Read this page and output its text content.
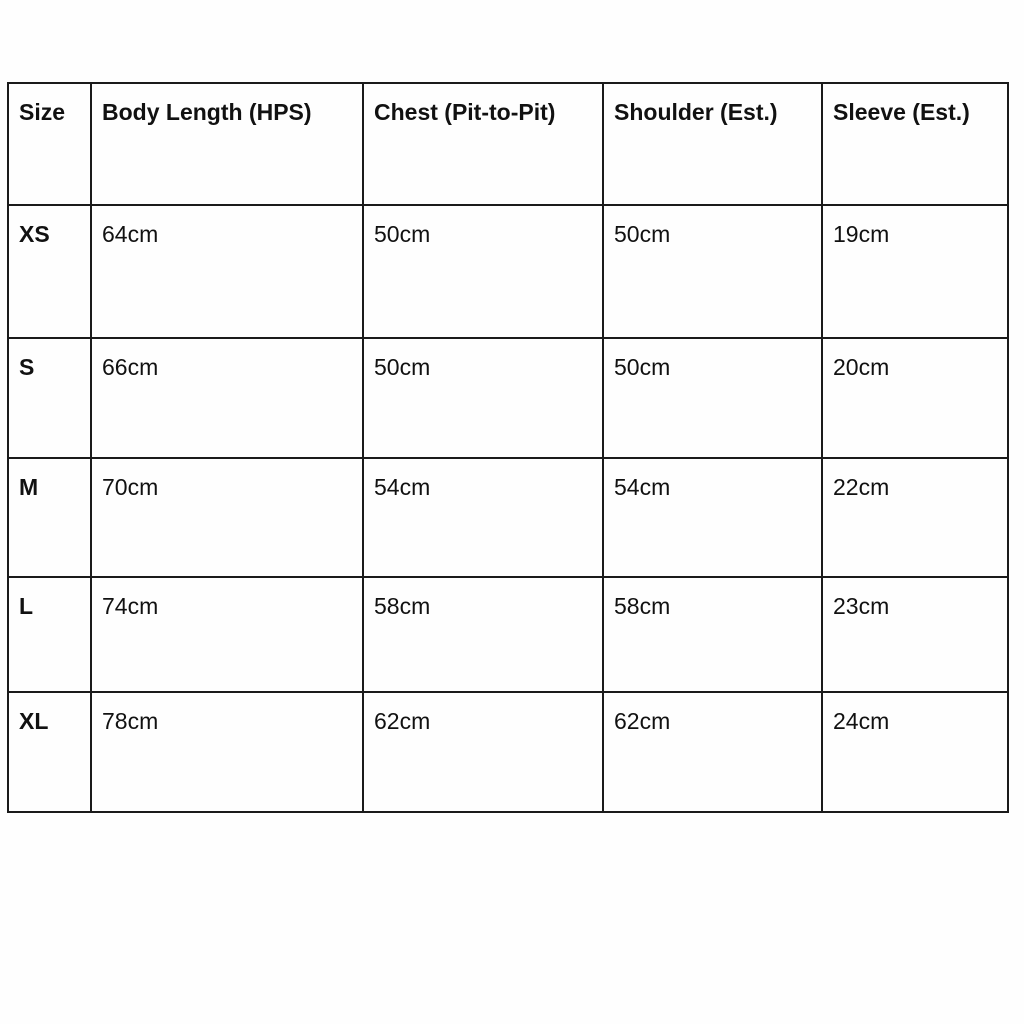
Size	Body Length (HPS)	Chest (Pit-to-Pit)	Shoulder (Est.)	Sleeve (Est.)
XS	64cm	50cm	50cm	19cm
S	66cm	50cm	50cm	20cm
M	70cm	54cm	54cm	22cm
L	74cm	58cm	58cm	23cm
XL	78cm	62cm	62cm	24cm
